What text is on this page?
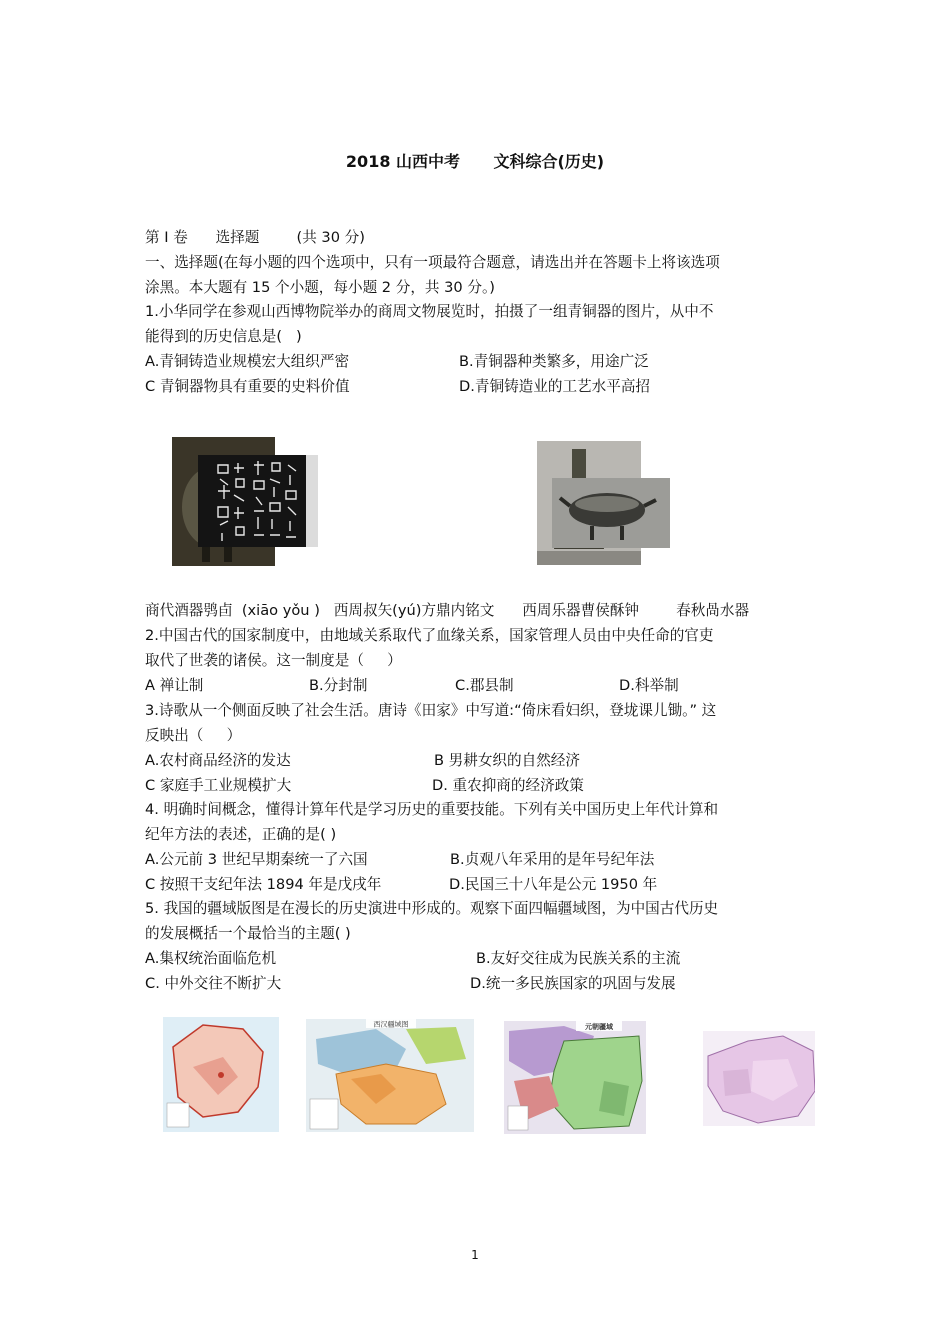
2018 山西中考      文科综合(历史)
第 I 卷      选择题        (共 30 分)
一、选择题(在每小题的四个选项中，只有一项最符合题意，请选出并在答题卡上将该选项
涂黑。本大题有 15 个小题，每小题 2 分，共 30 分。)
1.小华同学在参观山西博物院举办的商周文物展览时，拍摄了一组青铜器的图片，从中不
能得到的历史信息是(   )
A.青铜铸造业规模宏大组织严密	B.青铜器种类繁多，用途广泛
C 青铜器物具有重要的史料价值	D.青铜铸造业的工艺水平高招
商代酒器鸮卣  (xiāo yǒu )   西周叔矢(yú)方鼎内铭文      西周乐器曹侯酥钟        春秋咼水器
2.中国古代的国家制度中，由地域关系取代了血缘关系，国家管理人员由中央任命的官吏
取代了世袭的诸侯。这一制度是（     ）
A 禅让制	B.分封制	C.郡县制	D.科举制
3.诗歌从一个侧面反映了社会生活。唐诗《田家》中写道:“倚床看妇织，登垅课儿锄。” 这
反映出（     ）
A.农村商品经济的发达	B 男耕女织的自然经济
C 家庭手工业规模扩大	D. 重农抑商的经济政策
4. 明确时间概念，懂得计算年代是学习历史的重要技能。下列有关中国历史上年代计算和
纪年方法的表述，正确的是( )
A.公元前 3 世纪早期秦统一了六国	B.贞观八年采用的是年号纪年法
C 按照干支纪年法 1894 年是戊戌年	D.民国三十八年是公元 1950 年
5. 我国的疆域版图是在漫长的历史演进中形成的。观察下面四幅疆域图，为中国古代历史
的发展概括一个最恰当的主题( )
A.集权统治面临危机	B.友好交往成为民族关系的主流
C. 中外交往不断扩大	D.统一多民族国家的巩固与发展
西汉疆域图	元朝疆域
1
